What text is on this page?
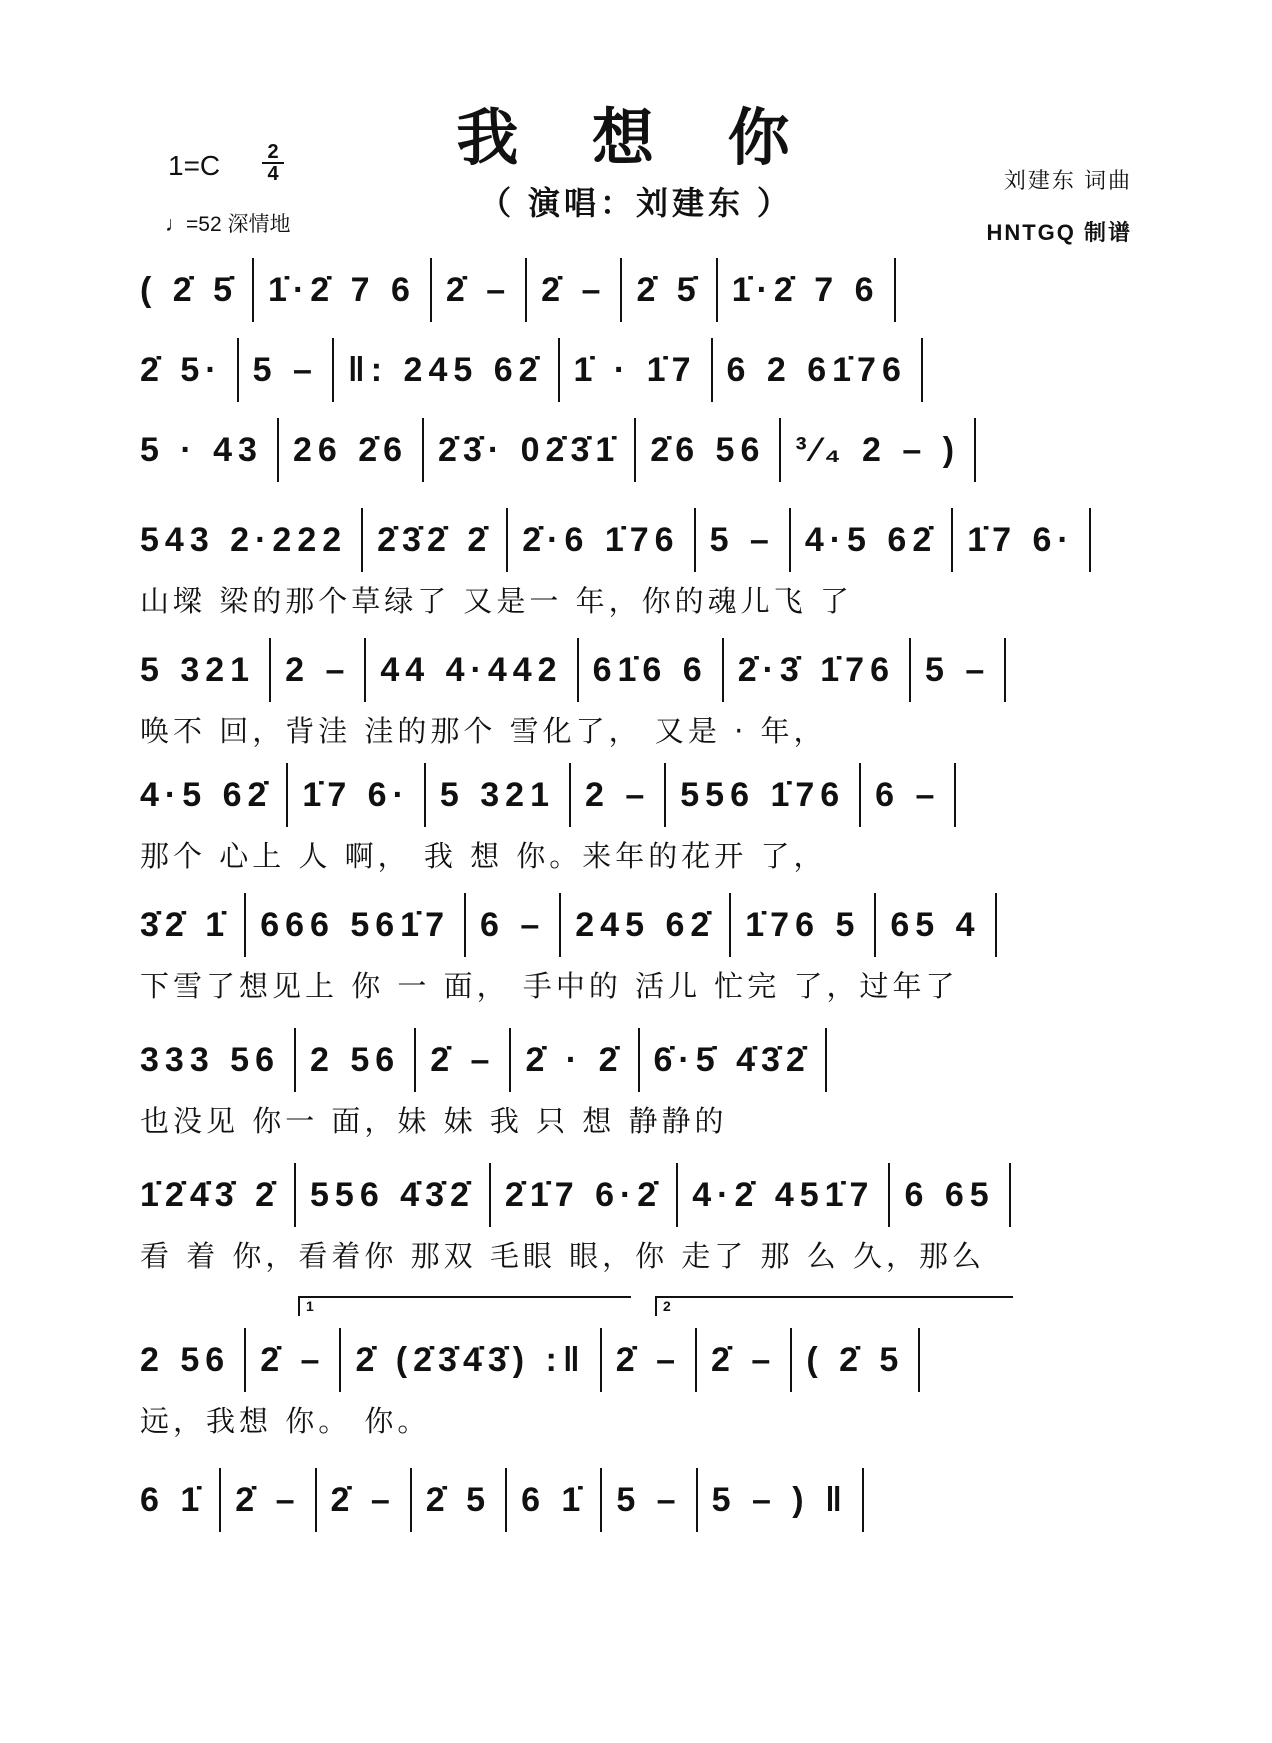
我 想 你
（ 演唱：刘建东 ）
1=C 2
4
♩=52 深情地
刘建东 词曲
HNTGQ 制谱
( 2̇ 5̇ 1̇·2̇ 7 6 2̇ – 2̇ – 2̇ 5̇ 1̇·2̇ 7 6
2̇ 5· 5 – ‖: 245 62̇ 1̇ · 1̇7 6 2 61̇76
5 · 43 26 2̇6 2̇3̇· 02̇3̇1̇ 2̇6 56 ³⁄₄ 2 – )
543 2·222 2̇3̇2̇ 2̇ 2̇·6 1̇76 5 – 4·5 62̇ 1̇7 6·
山墚 梁的那个草绿了 又是一 年，你的魂儿飞 了
5 321 2 – 44 4·442 61̇6 6 2̇·3̇ 1̇76 5 –
唤不 回，背洼 洼的那个 雪化了， 又是 · 年，
4·5 62̇ 1̇7 6· 5 321 2 – 556 1̇76 6 –
那个 心上 人 啊， 我 想 你。来年的花开 了，
3̇2̇ 1̇ 666 561̇7 6 – 245 62̇ 1̇76 5 65 4
下雪了想见上 你 一 面， 手中的 活儿 忙完 了，过年了
333 56 2 56 2̇ – 2̇ · 2̇ 6̇·5̇ 4̇3̇2̇
也没见 你一 面，妹 妹 我 只 想 静静的
1̇2̇4̇3̇ 2̇ 556 4̇3̇2̇ 2̇1̇7 6·2̇ 4·2̇ 451̇7 6 65
看 着 你，看着你 那双 毛眼 眼，你 走了 那 么 久，那么
2 56 2̇ – 2̇ (2̇3̇4̇3̇) :‖ 2̇ – 2̇ – ( 2̇ 5
远，我想 你。 你。
6 1̇ 2̇ – 2̇ – 2̇ 5 6 1̇ 5 – 5 – ) ‖
1	2
